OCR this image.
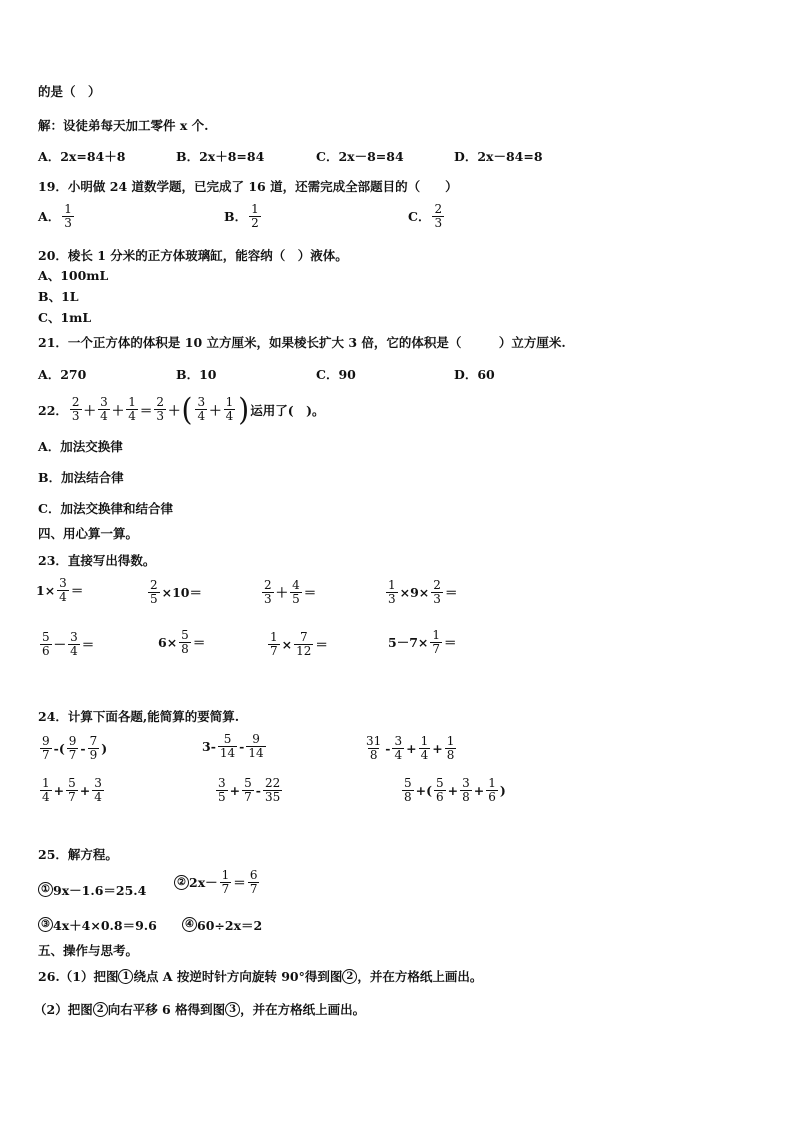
的是（　）
解：设徒弟每天加工零件 x 个.
A．2x=84＋8	B．2x＋8=84	C．2x－8=84	D．2x－84=8
19．小明做 24 道数学题，已完成了 16 道，还需完成全部题目的（　　）
A． $\frac{1}{3}$	B． $\frac{1}{2}$	C． $\frac{2}{3}$
20．棱长 1 分米的正方体玻璃缸，能容纳（　）液体。
A、100mL
B、1L
C、1mL
21．一个正方体的体积是 10 立方厘米，如果棱长扩大 3 倍，它的体积是（　　　）立方厘米.
A．270	B．10	C．90	D．60
22． $\frac{2}{3} + \frac{3}{4} + \frac{1}{4} = \frac{2}{3}$ ＋ ( $\frac{3}{4} + \frac{1}{4}$ ) 运用了(　)。
A．加法交换律
B．加法结合律
C．加法交换律和结合律
四、用心算一算。
23．直接写出得数。
$1\times \frac{3}{4}$ ＝	$\frac{2}{5} \times 10=$	$\frac{2}{3} + \frac{4}{5}$ ＝	$\frac{1}{3} \times 9\times \frac{2}{3}$ ＝
$\frac{5}{6} - \frac{3}{4}$ ＝	$6\times \frac{5}{8}$ ＝	$\frac{1}{7} \times \frac{7}{12}$ ＝	$5-7\times \frac{1}{7}$ ＝
24．计算下面各题,能简算的要简算.
$\frac{9}{7}$ -( $\frac{9}{7} - \frac{7}{9}$ )	$3- \frac{5}{14} - \frac{9}{14}$	$\frac{31}{8} - \frac{3}{4} + \frac{1}{4} + \frac{1}{8}$
$\frac{1}{4} + \frac{5}{7} + \frac{3}{4}$	$\frac{3}{5} + \frac{5}{7} - \frac{22}{35}$	$\frac{5}{8}$ +( $\frac{5}{6} + \frac{3}{8} + \frac{1}{6}$ )
25．解方程。
① 9x－1.6＝25.4
② $2x- \frac{1}{7} = \frac{6}{7}$
③ 4x＋4×0.8＝9.6	④ 60÷2x＝2
五、操作与思考。
26.（1）把图 1 绕点 A 按逆时针方向旋转 90°得到图 2 ，并在方格纸上画出。
（2）把图 2 向右平移 6 格得到图 3 ，并在方格纸上画出。
